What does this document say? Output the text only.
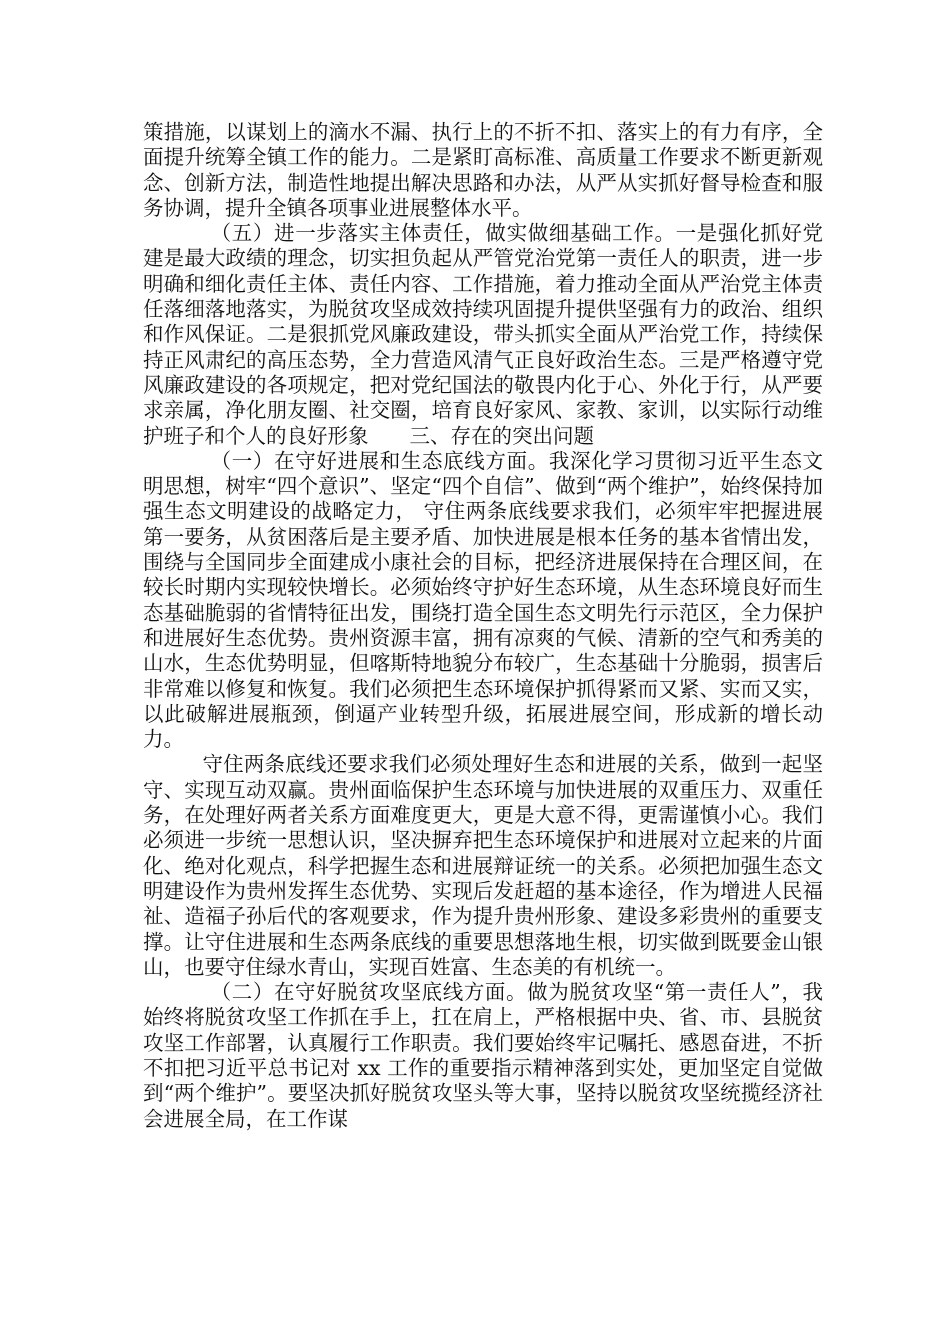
策措施，以谋划上的滴水不漏、执行上的不折不扣、落实上的有力有序，全面提升统筹全镇工作的能力。二是紧盯高标准、高质量工作要求不断更新观念、创新方法，制造性地提出解决思路和办法，从严从实抓好督导检查和服务协调，提升全镇各项事业进展整体水平。

（五）进一步落实主体责任，做实做细基础工作。一是强化抓好党建是最大政绩的理念，切实担负起从严管党治党第一责任人的职责，进一步明确和细化责任主体、责任内容、工作措施，着力推动全面从严治党主体责任落细落地落实，为脱贫攻坚成效持续巩固提升提供坚强有力的政治、组织和作风保证。二是狠抓党风廉政建设，带头抓实全面从严治党工作，持续保持正风肃纪的高压态势，全力营造风清气正良好政治生态。三是严格遵守党风廉政建设的各项规定，把对党纪国法的敬畏内化于心、外化于行，从严要求亲属，净化朋友圈、社交圈，培育良好家风、家教、家训，以实际行动维护班子和个人的良好形象　　三、存在的突出问题

（一）在守好进展和生态底线方面。我深化学习贯彻习近平生态文明思想，树牢“四个意识”、坚定“四个自信”、做到“两个维护”，始终保持加强生态文明建设的战略定力， 守住两条底线要求我们，必须牢牢把握进展第一要务，从贫困落后是主要矛盾、加快进展是根本任务的基本省情出发，围绕与全国同步全面建成小康社会的目标，把经济进展保持在合理区间，在较长时期内实现较快增长。必须始终守护好生态环境，从生态环境良好而生态基础脆弱的省情特征出发，围绕打造全国生态文明先行示范区，全力保护和进展好生态优势。贵州资源丰富，拥有凉爽的气候、清新的空气和秀美的山水，生态优势明显，但喀斯特地貌分布较广，生态基础十分脆弱，损害后非常难以修复和恢复。我们必须把生态环境保护抓得紧而又紧、实而又实，以此破解进展瓶颈，倒逼产业转型升级，拓展进展空间，形成新的增长动力。

守住两条底线还要求我们必须处理好生态和进展的关系，做到一起坚守、实现互动双赢。贵州面临保护生态环境与加快进展的双重压力、双重任务，在处理好两者关系方面难度更大，更是大意不得，更需谨慎小心。我们必须进一步统一思想认识，坚决摒弃把生态环境保护和进展对立起来的片面化、绝对化观点，科学把握生态和进展辩证统一的关系。必须把加强生态文明建设作为贵州发挥生态优势、实现后发赶超的基本途径，作为增进人民福祉、造福子孙后代的客观要求，作为提升贵州形象、建设多彩贵州的重要支撑。让守住进展和生态两条底线的重要思想落地生根，切实做到既要金山银山，也要守住绿水青山，实现百姓富、生态美的有机统一。

（二）在守好脱贫攻坚底线方面。做为脱贫攻坚“第一责任人”，我始终将脱贫攻坚工作抓在手上，扛在肩上，严格根据中央、省、市、县脱贫攻坚工作部署，认真履行工作职责。我们要始终牢记嘱托、感恩奋进，不折不扣把习近平总书记对 xx 工作的重要指示精神落到实处，更加坚定自觉做到“两个维护”。要坚决抓好脱贫攻坚头等大事，坚持以脱贫攻坚统揽经济社会进展全局，在工作谋
